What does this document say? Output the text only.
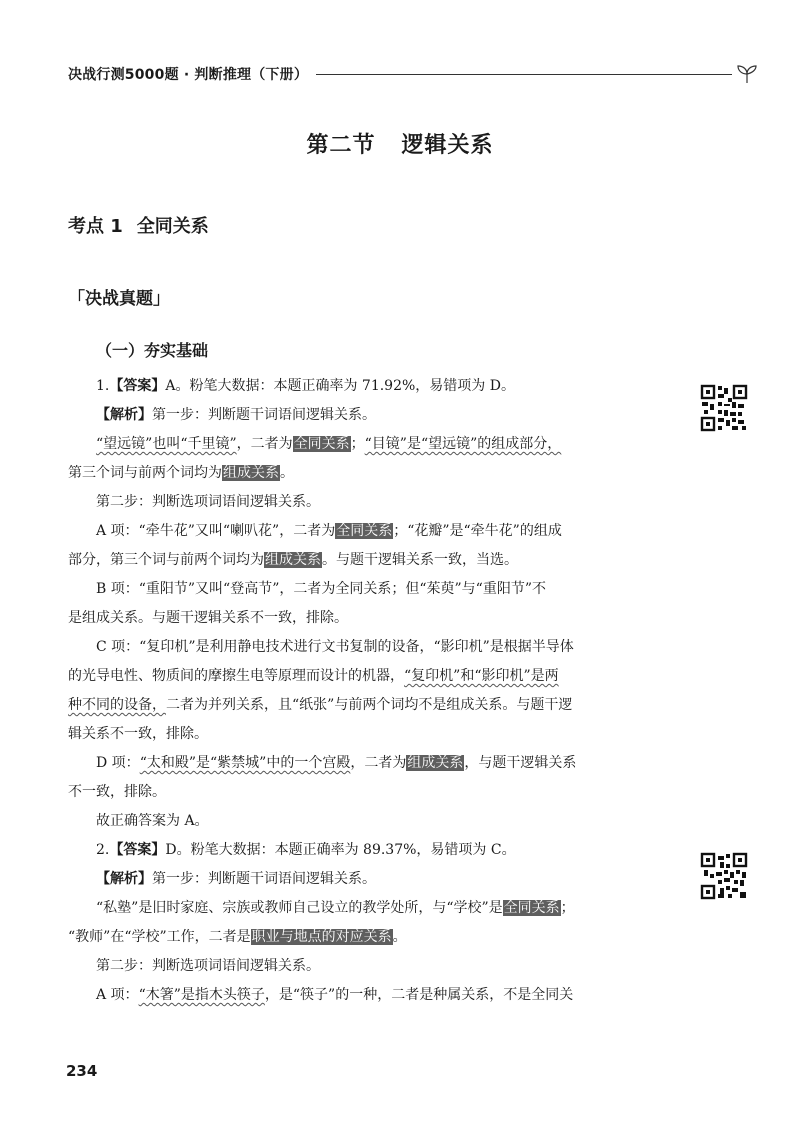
决战行测5000题 · 判断推理（下册）
第二节 逻辑关系
考点 1 全同关系
「决战真题」
（一）夯实基础

1.【答案】A。粉笔大数据：本题正确率为 71.92%，易错项为 D。

【解析】第一步：判断题干词语间逻辑关系。

“望远镜”也叫“千里镜”，二者为全同关系；“目镜”是“望远镜”的组成部分，

第三个词与前两个词均为组成关系。

第二步：判断选项词语间逻辑关系。

A 项：“牵牛花”又叫“喇叭花”，二者为全同关系；“花瓣”是“牵牛花”的组成

部分，第三个词与前两个词均为组成关系。与题干逻辑关系一致，当选。

B 项：“重阳节”又叫“登高节”，二者为全同关系；但“茱萸”与“重阳节”不

是组成关系。与题干逻辑关系不一致，排除。

C 项：“复印机”是利用静电技术进行文书复制的设备，“影印机”是根据半导体

的光导电性、物质间的摩擦生电等原理而设计的机器，“复印机”和“影印机”是两

种不同的设备，二者为并列关系，且“纸张”与前两个词均不是组成关系。与题干逻

辑关系不一致，排除。

D 项：“太和殿”是“紫禁城”中的一个宫殿，二者为组成关系，与题干逻辑关系

不一致，排除。

故正确答案为 A。

2.【答案】D。粉笔大数据：本题正确率为 89.37%，易错项为 C。

【解析】第一步：判断题干词语间逻辑关系。

“私塾”是旧时家庭、宗族或教师自己设立的教学处所，与“学校”是全同关系；

“教师”在“学校”工作，二者是职业与地点的对应关系。

第二步：判断选项词语间逻辑关系。

A 项：“木箸”是指木头筷子，是“筷子”的一种，二者是种属关系，不是全同关

234
